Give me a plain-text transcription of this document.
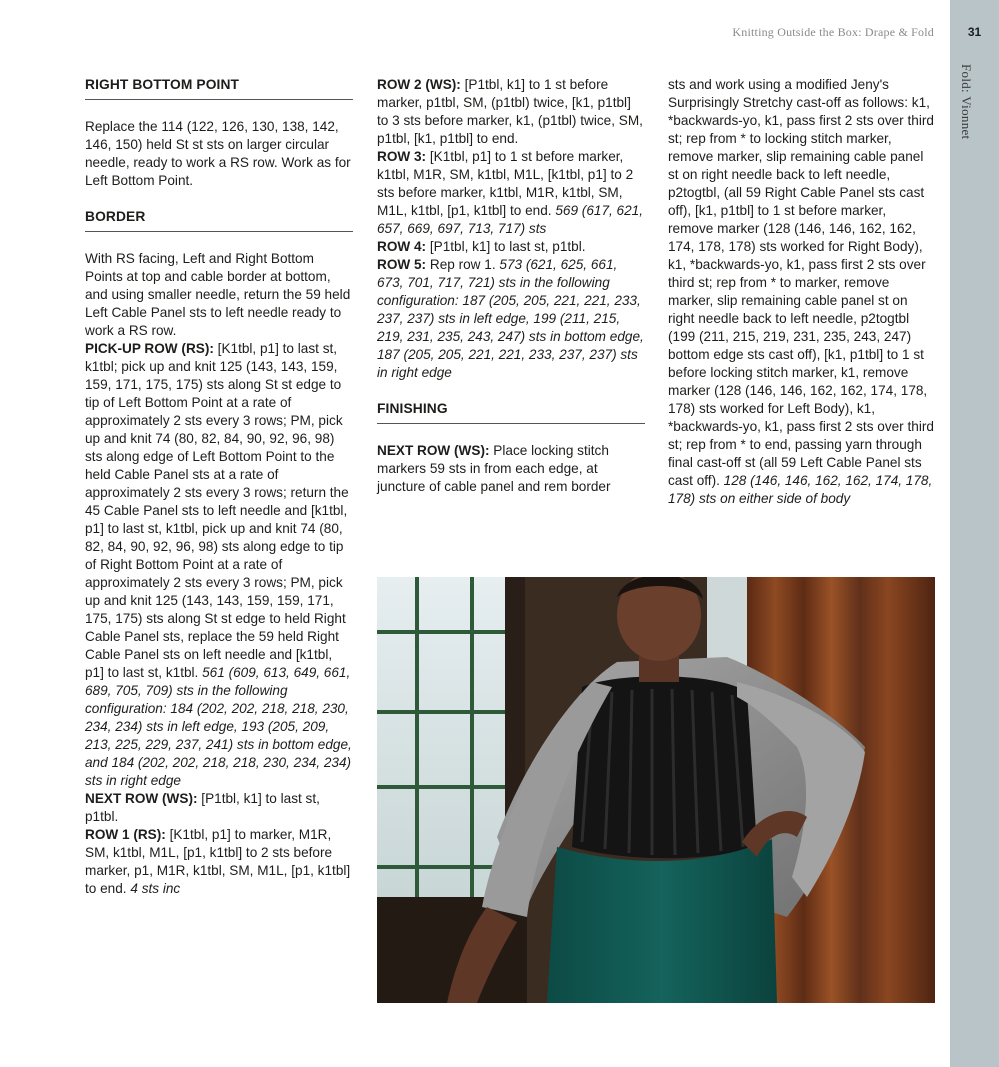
Knitting Outside the Box: Drape & Fold	31
Fold: Vionnet
RIGHT BOTTOM POINT

Replace the 114 (122, 126, 130, 138, 142, 146, 150) held St st sts on larger circular needle, ready to work a RS row. Work as for Left Bottom Point.

BORDER

With RS facing, Left and Right Bottom Points at top and cable border at bottom, and using smaller needle, return the 59 held Left Cable Panel sts to left needle ready to work a RS row.

PICK-UP ROW (RS): [K1tbl, p1] to last st, k1tbl; pick up and knit 125 (143, 143, 159, 159, 171, 175, 175) sts along St st edge to tip of Left Bottom Point at a rate of approximately 2 sts every 3 rows; PM, pick up and knit 74 (80, 82, 84, 90, 92, 96, 98) sts along edge of Left Bottom Point to the held Cable Panel sts at a rate of approximately 2 sts every 3 rows; return the 45 Cable Panel sts to left needle and [k1tbl, p1] to last st, k1tbl, pick up and knit 74 (80, 82, 84, 90, 92, 96, 98) sts along edge to tip of Right Bottom Point at a rate of approximately 2 sts every 3 rows; PM, pick up and knit 125 (143, 143, 159, 159, 171, 175, 175) sts along St st edge to held Right Cable Panel sts, replace the 59 held Right Cable Panel sts on left needle and [k1tbl, p1] to last st, k1tbl. 561 (609, 613, 649, 661, 689, 705, 709) sts in the following configuration: 184 (202, 202, 218, 218, 230, 234, 234) sts in left edge, 193 (205, 209, 213, 225, 229, 237, 241) sts in bottom edge, and 184 (202, 202, 218, 218, 230, 234, 234) sts in right edge

NEXT ROW (WS): [P1tbl, k1] to last st, p1tbl.

ROW 1 (RS): [K1tbl, p1] to marker, M1R, SM, k1tbl, M1L, [p1, k1tbl] to 2 sts before marker, p1, M1R, k1tbl, SM, M1L, [p1, k1tbl] to end. 4 sts inc

ROW 2 (WS): [P1tbl, k1] to 1 st before marker, p1tbl, SM, (p1tbl) twice, [k1, p1tbl] to 3 sts before marker, k1, (p1tbl) twice, SM, p1tbl, [k1, p1tbl] to end.

ROW 3: [K1tbl, p1] to 1 st before marker, k1tbl, M1R, SM, k1tbl, M1L, [k1tbl, p1] to 2 sts before marker, k1tbl, M1R, k1tbl, SM, M1L, k1tbl, [p1, k1tbl] to end. 569 (617, 621, 657, 669, 697, 713, 717) sts

ROW 4: [P1tbl, k1] to last st, p1tbl.

ROW 5: Rep row 1. 573 (621, 625, 661, 673, 701, 717, 721) sts in the following configuration: 187 (205, 205, 221, 221, 233, 237, 237) sts in left edge, 199 (211, 215, 219, 231, 235, 243, 247) sts in bottom edge, 187 (205, 205, 221, 221, 233, 237, 237) sts in right edge

FINISHING

NEXT ROW (WS): Place locking stitch markers 59 sts in from each edge, at juncture of cable panel and rem border

sts and work using a modified Jeny's Surprisingly Stretchy cast-off as follows: k1, *backwards-yo, k1, pass first 2 sts over third st; rep from * to locking stitch marker, remove marker, slip remaining cable panel st on right needle back to left needle, p2togtbl, (all 59 Right Cable Panel sts cast off), [k1, p1tbl] to 1 st before marker, remove marker (128 (146, 146, 162, 162, 174, 178, 178) sts worked for Right Body), k1, *backwards-yo, k1, pass first 2 sts over third st; rep from * to marker, remove marker, slip remaining cable panel st on right needle back to left needle, p2togtbl (199 (211, 215, 219, 231, 235, 243, 247) bottom edge sts cast off), [k1, p1tbl] to 1 st before locking stitch marker, k1, remove marker (128 (146, 146, 162, 162, 174, 178, 178) sts worked for Left Body), k1, *backwards-yo, k1, pass first 2 sts over third st; rep from * to end, passing yarn through final cast-off st (all 59 Left Cable Panel sts cast off). 128 (146, 146, 162, 162, 174, 178, 178) sts on either side of body
